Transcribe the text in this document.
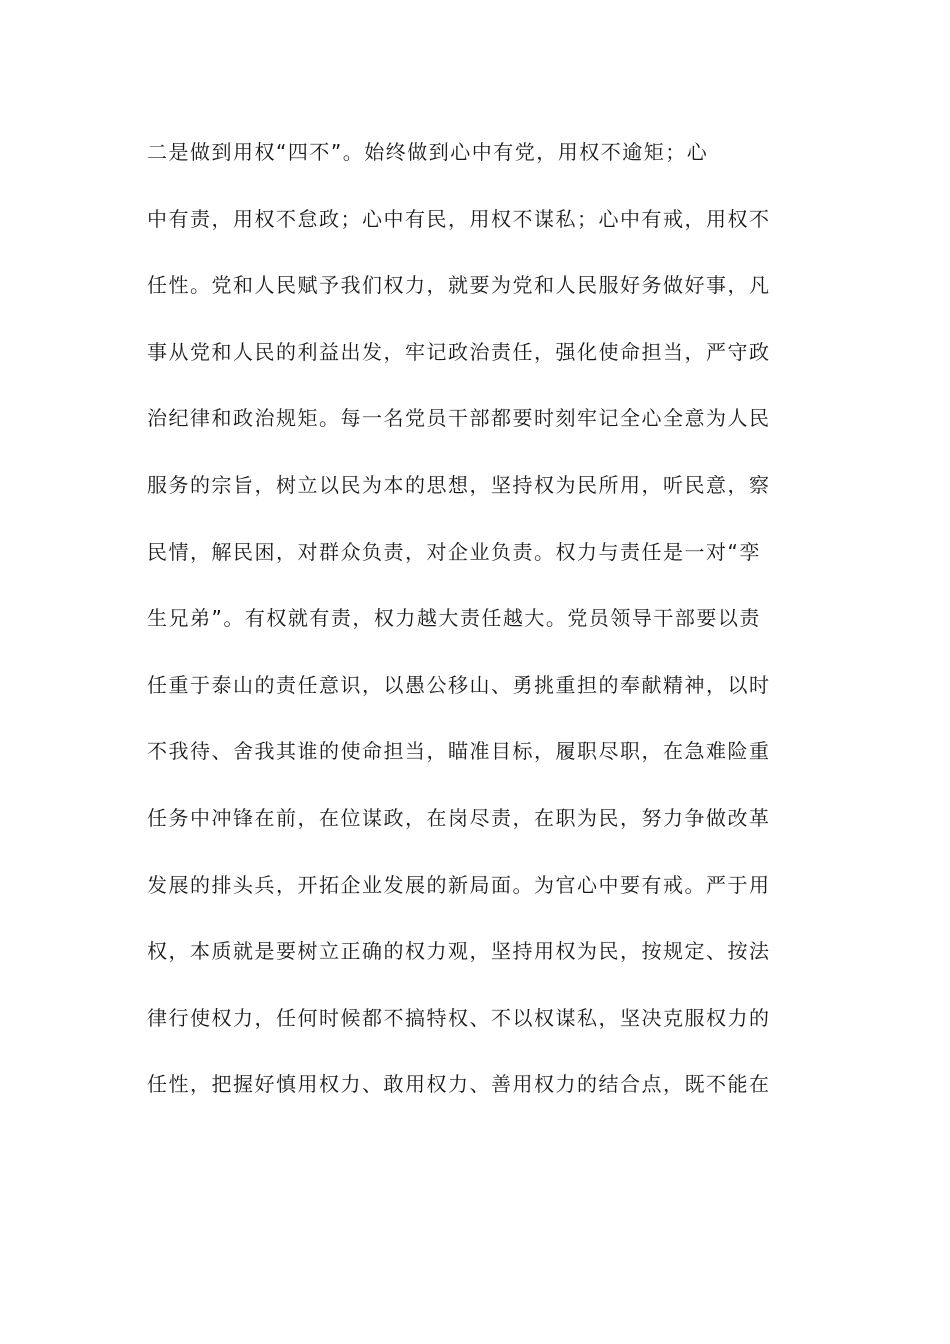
二是做到用权“四不”。始终做到心中有党，用权不逾矩；心
中有责，用权不怠政；心中有民，用权不谋私；心中有戒，用权不
任性。党和人民赋予我们权力，就要为党和人民服好务做好事，凡
事从党和人民的利益出发，牢记政治责任，强化使命担当，严守政
治纪律和政治规矩。每一名党员干部都要时刻牢记全心全意为人民
服务的宗旨，树立以民为本的思想，坚持权为民所用，听民意，察
民情，解民困，对群众负责，对企业负责。权力与责任是一对“孪
生兄弟”。有权就有责，权力越大责任越大。党员领导干部要以责
任重于泰山的责任意识，以愚公移山、勇挑重担的奉献精神，以时
不我待、舍我其谁的使命担当，瞄准目标，履职尽职，在急难险重
任务中冲锋在前，在位谋政，在岗尽责，在职为民，努力争做改革
发展的排头兵，开拓企业发展的新局面。为官心中要有戒。严于用
权，本质就是要树立正确的权力观，坚持用权为民，按规定、按法
律行使权力，任何时候都不搞特权、不以权谋私，坚决克服权力的
任性，把握好慎用权力、敢用权力、善用权力的结合点，既不能在
